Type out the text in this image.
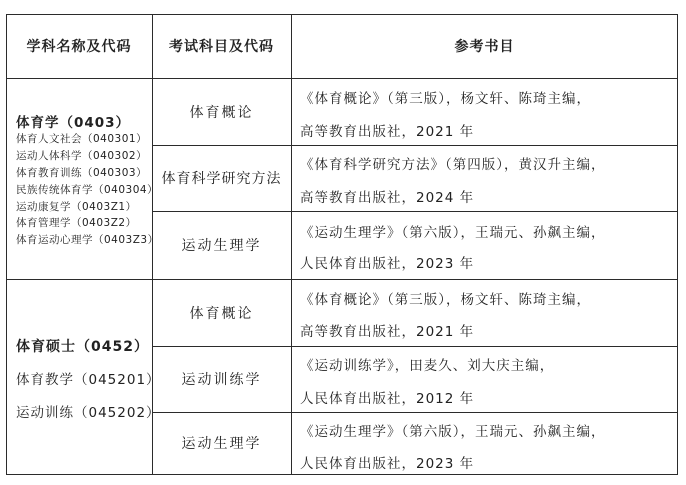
学科名称及代码	考试科目及代码	参考书目
体育学（0403）
体育人文社会（040301）
运动人体科学（040302）
体育教育训练（040303）
民族传统体育学（040304）
运动康复学（0403Z1）
体育管理学（0403Z2）
体育运动心理学（0403Z3）
体育概论
体育科学研究方法
运动生理学
《体育概论》（第三版），杨文轩、陈琦主编，
高等教育出版社，2021 年
《体育科学研究方法》（第四版），黄汉升主编，
高等教育出版社，2024 年
《运动生理学》（第六版），王瑞元、孙飙主编，
人民体育出版社，2023 年
体育硕士（0452）
体育教学（045201）
运动训练（045202）
体育概论
运动训练学
运动生理学
《体育概论》（第三版），杨文轩、陈琦主编，
高等教育出版社，2021 年
《运动训练学》，田麦久、刘大庆主编，
人民体育出版社，2012 年
《运动生理学》（第六版），王瑞元、孙飙主编，
人民体育出版社，2023 年
